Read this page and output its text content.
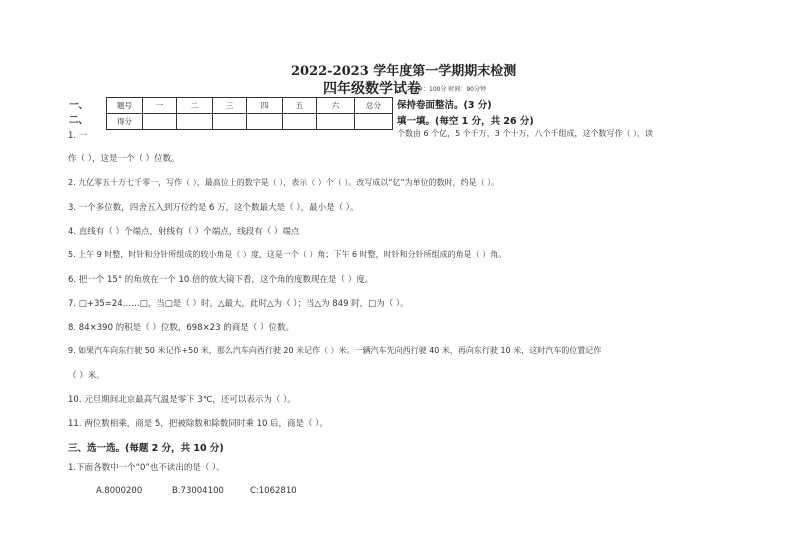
2022-2023 学年度第一学期期末检测
四年级数学试卷
总分：100分 时间：90分钟
一、
二、
题号	一	二	三	四	五	六	总分
得分							
保持卷面整洁。(3 分)
填一填。(每空 1 分，共 26 分)
1. 一	个数由 6 个亿，5 个千万，3 个十万，八个千组成，这个数写作（ ），读
作（ ），这是一个（ ）位数。
2. 九亿零五十万七千零一，写作（ ），最高位上的数字是（ ），表示（ ）个（ ）。改写成以“亿”为单位的数时，约是（ ）。
3. 一个多位数，四舍五入到万位约是 6 万，这个数最大是（ ），最小是（ ）。
4. 直线有（ ）个端点，射线有（ ）个端点，线段有（ ）端点
5. 上午 9 时整，时针和分针所组成的较小角是（ ）度，这是一个（ ）角；下午 6 时整，时针和分针所组成的角是（ ）角。
6. 把一个 15° 的角放在一个 10 倍的放大镜下看，这个角的度数现在是（ ）度。
7. □+35=24……□，当□是（ ）时，△最大，此时△为（ ）；当△为 849 时，□为（ ）。
8. 84×390 的积是（ ）位数，698×23 的商是（ ）位数。
9. 如果汽车向东行驶 50 米记作+50 米，那么汽车向西行驶 20 米记作（ ）米。一辆汽车先向西行驶 40 米，再向东行驶 10 米，这时汽车的位置记作
（ ）米。
10. 元旦期间北京最高气温是零下 3℃，还可以表示为（ ）。
11. 两位数相乘，商是 5，把被除数和除数同时乘 10 后，商是（ ）。
三、选一选。(每题 2 分，共 10 分)
1.下面各数中一个“0”也不读出的是（ ）。
A.8000200	B.73004100	C:1062810
